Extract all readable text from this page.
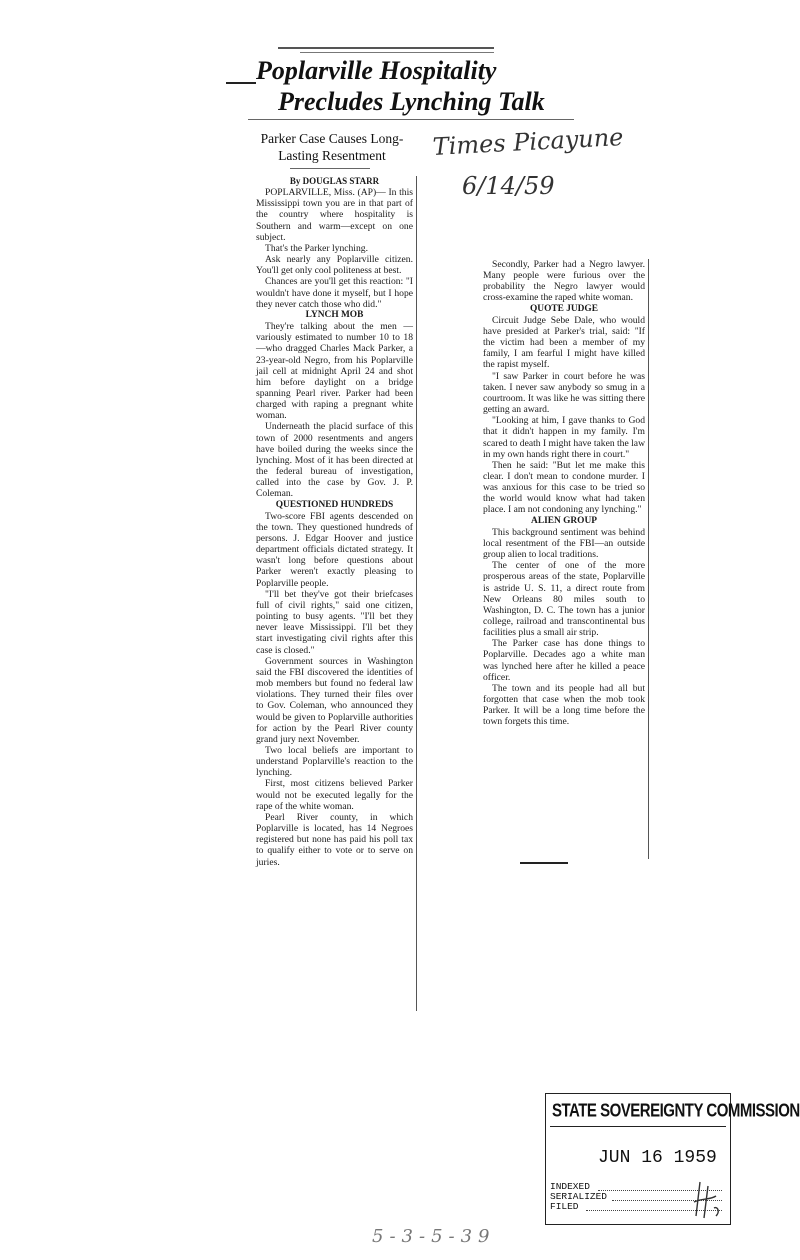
Poplarville Hospitality
Precludes Lynching Talk
Parker Case Causes Long-Lasting Resentment	Times Picayune
6/14/59

By DOUGLAS STARR

POPLARVILLE, Miss. (AP)— In this Mississippi town you are in that part of the country where hospitality is Southern and warm—except on one subject.

That's the Parker lynching.

Ask nearly any Poplarville citizen. You'll get only cool politeness at best.

Chances are you'll get this reaction: "I wouldn't have done it myself, but I hope they never catch those who did."

LYNCH MOB

They're talking about the men — variously estimated to number 10 to 18—who dragged Charles Mack Parker, a 23-year-old Negro, from his Poplarville jail cell at midnight April 24 and shot him before daylight on a bridge spanning Pearl river. Parker had been charged with raping a pregnant white woman.

Underneath the placid surface of this town of 2000 resentments and angers have boiled during the weeks since the lynching. Most of it has been directed at the federal bureau of investigation, called into the case by Gov. J. P. Coleman.

QUESTIONED HUNDREDS

Two-score FBI agents descended on the town. They questioned hundreds of persons. J. Edgar Hoover and justice department officials dictated strategy. It wasn't long before questions about Parker weren't exactly pleasing to Poplarville people.

"I'll bet they've got their briefcases full of civil rights," said one citizen, pointing to busy agents. "I'll bet they never leave Mississippi. I'll bet they start investigating civil rights after this case is closed."

Government sources in Washington said the FBI discovered the identities of mob members but found no federal law violations. They turned their files over to Gov. Coleman, who announced they would be given to Poplarville authorities for action by the Pearl River county grand jury next November.

Two local beliefs are important to understand Poplarville's reaction to the lynching.

First, most citizens believed Parker would not be executed legally for the rape of the white woman.

Pearl River county, in which Poplarville is located, has 14 Negroes registered but none has paid his poll tax to qualify either to vote or to serve on juries.

Secondly, Parker had a Negro lawyer. Many people were furious over the probability the Negro lawyer would cross-examine the raped white woman.

QUOTE JUDGE

Circuit Judge Sebe Dale, who would have presided at Parker's trial, said: "If the victim had been a member of my family, I am fearful I might have killed the rapist myself.

"I saw Parker in court before he was taken. I never saw anybody so smug in a courtroom. It was like he was sitting there getting an award.

"Looking at him, I gave thanks to God that it didn't happen in my family. I'm scared to death I might have taken the law in my own hands right there in court."

Then he said: "But let me make this clear. I don't mean to condone murder. I was anxious for this case to be tried so the world would know what had taken place. I am not condoning any lynching."

ALIEN GROUP

This background sentiment was behind local resentment of the FBI—an outside group alien to local traditions.

The center of one of the more prosperous areas of the state, Poplarville is astride U. S. 11, a direct route from New Orleans 80 miles south to Washington, D. C. The town has a junior college, railroad and transcontinental bus facilities plus a small air strip.

The Parker case has done things to Poplarville. Decades ago a white man was lynched here after he killed a peace officer.

The town and its people had all but forgotten that case when the mob took Parker. It will be a long time before the town forgets this time.

STATE SOVEREIGNTY COMMISSION
JUN 16 1959
INDEXED
SERIALIZED
FILED
5-3-5-39
